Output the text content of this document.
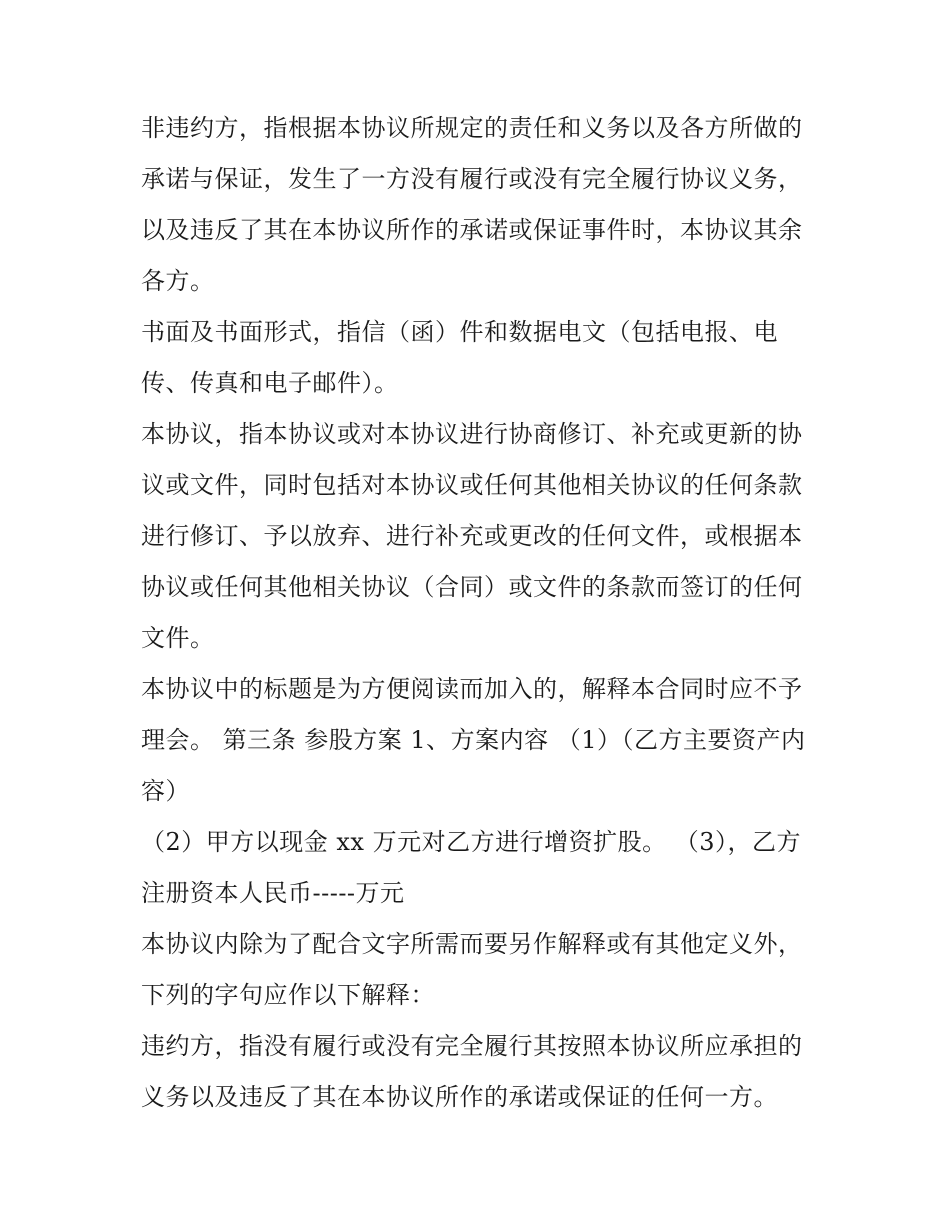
非违约方，指根据本协议所规定的责任和义务以及各方所做的
承诺与保证，发生了一方没有履行或没有完全履行协议义务，
以及违反了其在本协议所作的承诺或保证事件时，本协议其余
各方。
书面及书面形式，指信（函）件和数据电文（包括电报、电
传、传真和电子邮件）。
本协议，指本协议或对本协议进行协商修订、补充或更新的协
议或文件，同时包括对本协议或任何其他相关协议的任何条款
进行修订、予以放弃、进行补充或更改的任何文件，或根据本
协议或任何其他相关协议（合同）或文件的条款而签订的任何
文件。
本协议中的标题是为方便阅读而加入的，解释本合同时应不予
理会。 第三条 参股方案 1、方案内容 （1）（乙方主要资产内
容）
（2）甲方以现金 xx 万元对乙方进行增资扩股。 （3），乙方
注册资本人民币-----万元
本协议内除为了配合文字所需而要另作解释或有其他定义外，
下列的字句应作以下解释：
违约方，指没有履行或没有完全履行其按照本协议所应承担的
义务以及违反了其在本协议所作的承诺或保证的任何一方。
